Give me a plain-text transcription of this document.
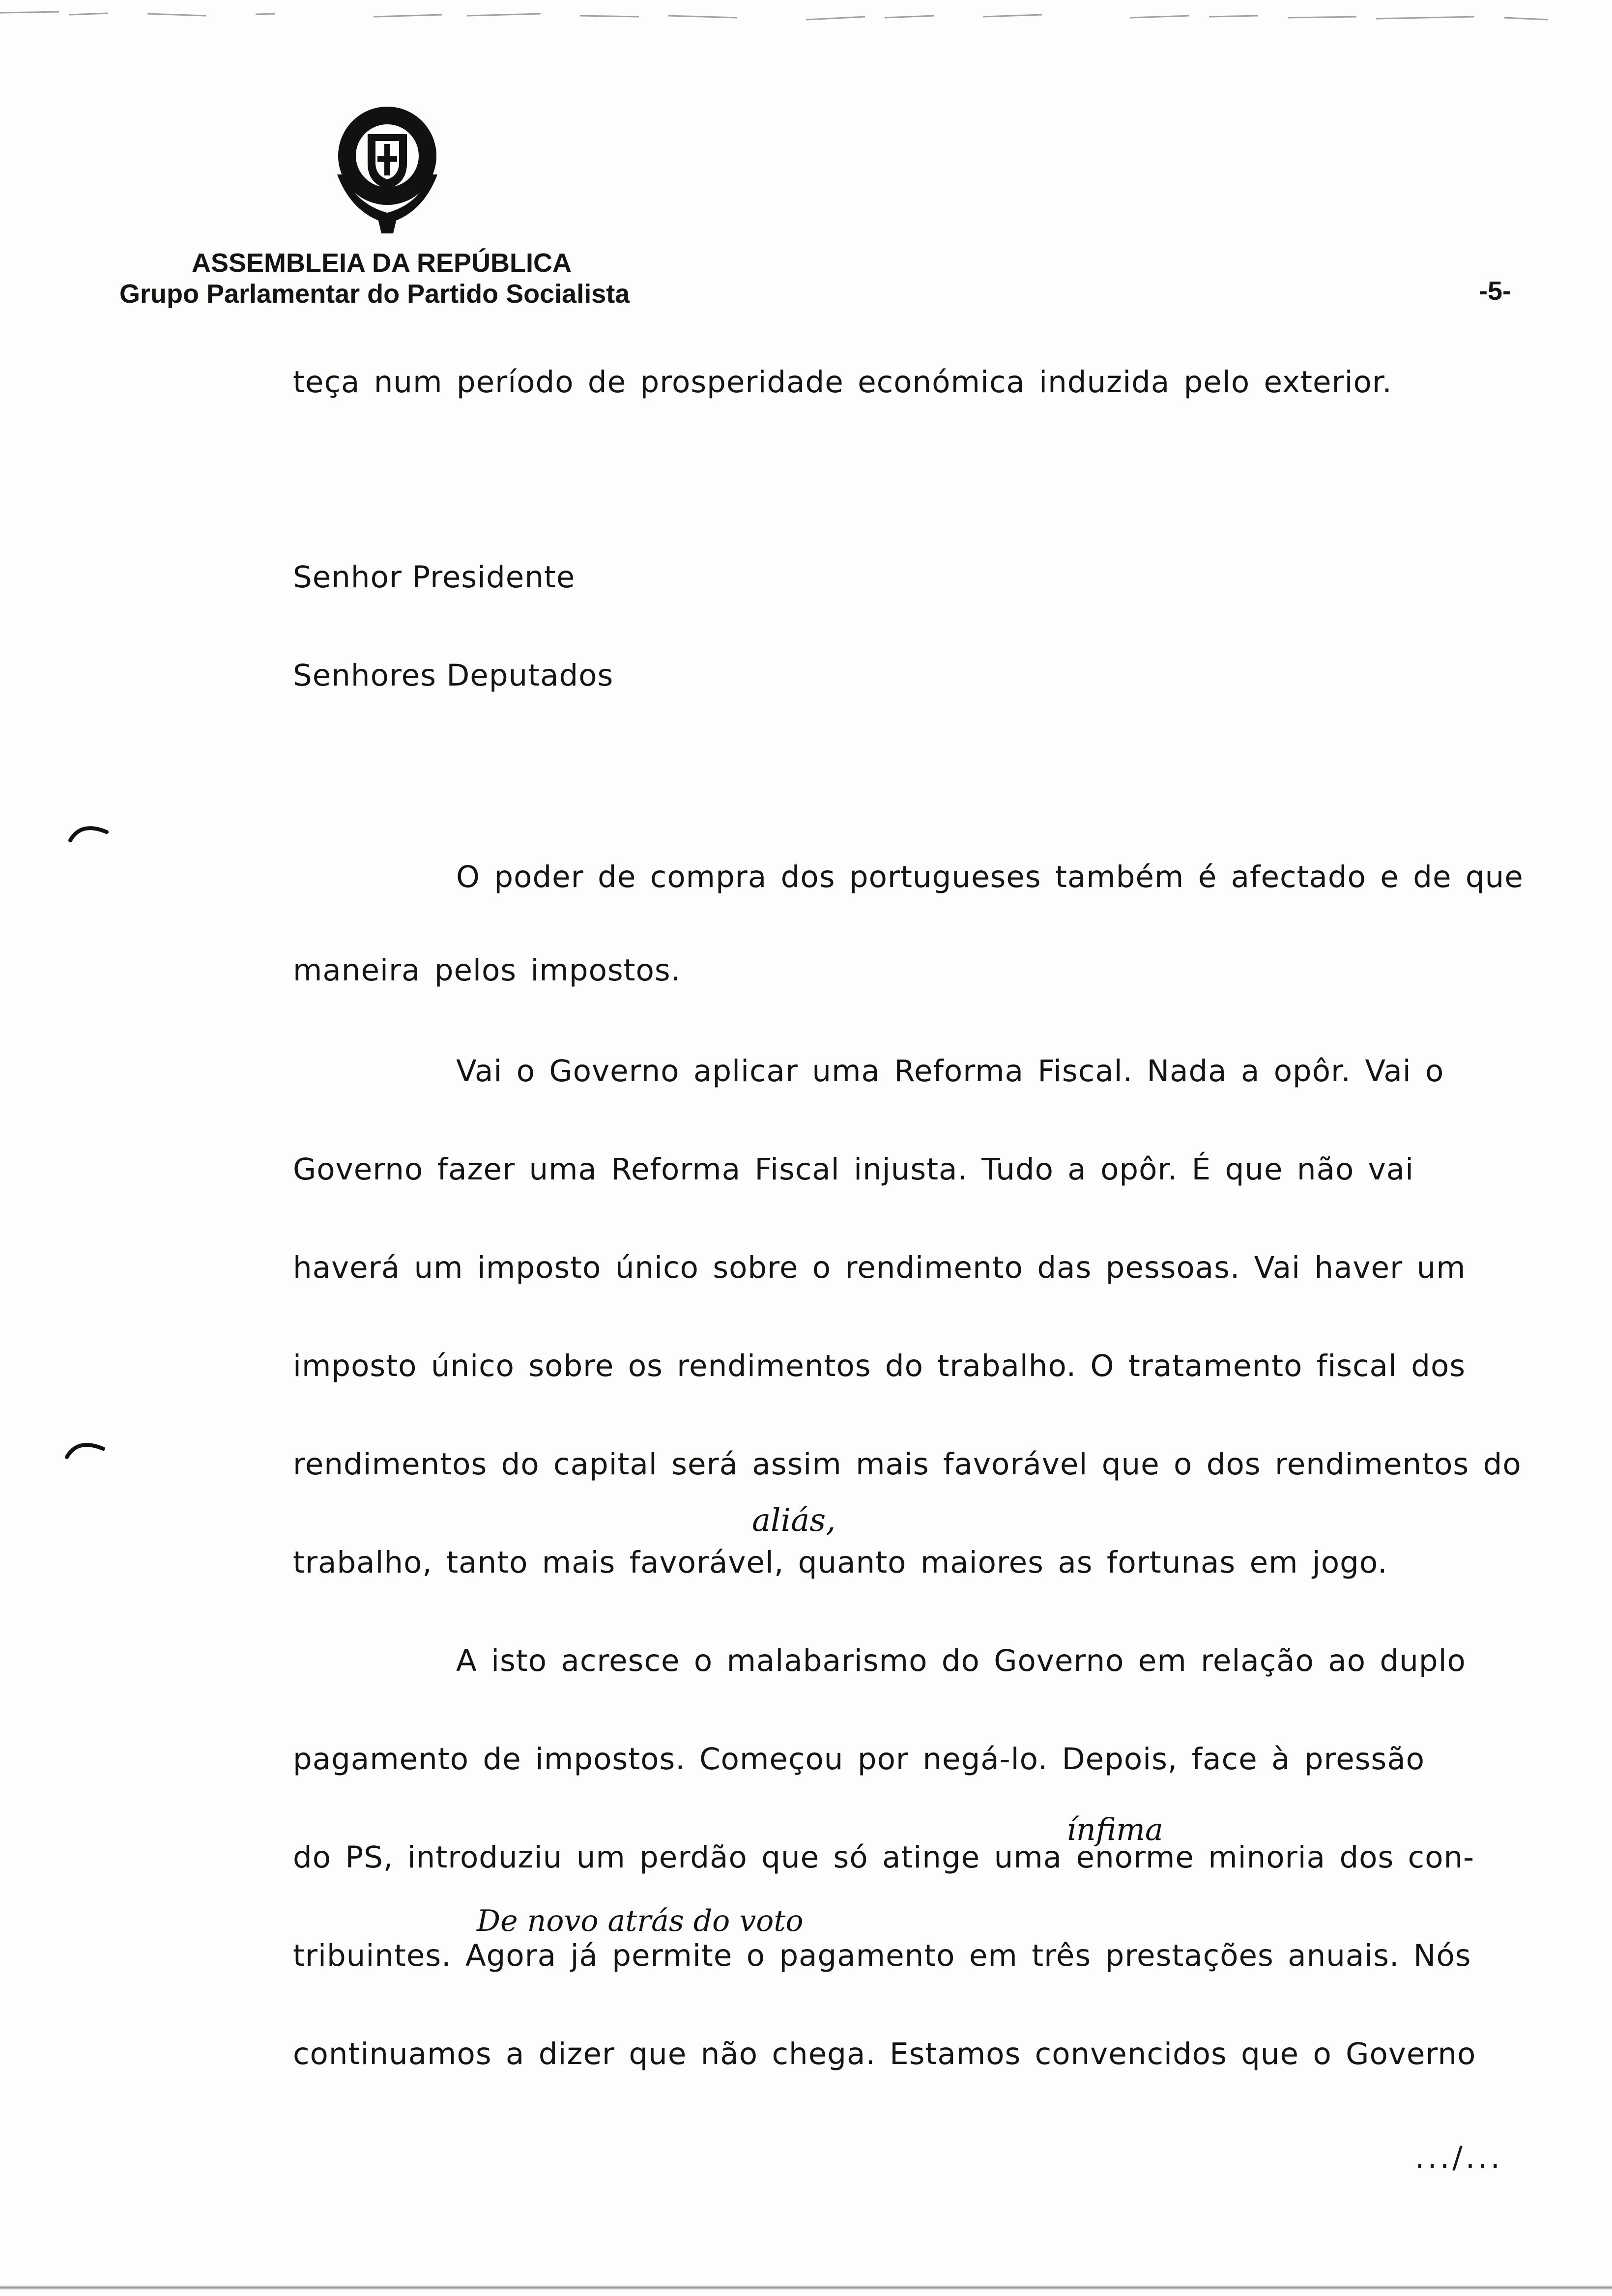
ASSEMBLEIA DA REPÚBLICA
Grupo Parlamentar do Partido Socialista	-5-
teça num período de prosperidade económica induzida pelo exterior.
Senhor Presidente
Senhores Deputados
O poder de compra dos portugueses também é afectado e de que
maneira pelos impostos.
Vai o Governo aplicar uma Reforma Fiscal. Nada a opôr. Vai o
Governo fazer uma Reforma Fiscal injusta. Tudo a opôr. É que não vai
haverá um imposto único sobre o rendimento das pessoas. Vai haver um
imposto único sobre os rendimentos do trabalho. O tratamento fiscal dos
rendimentos do capital será assim mais favorável que o dos rendimentos do
trabalho, tanto mais favorável, quanto maiores as fortunas em jogo.
A isto acresce o malabarismo do Governo em relação ao duplo
pagamento de impostos. Começou por negá-lo. Depois, face à pressão
do PS, introduziu um perdão que só atinge uma enorme minoria dos con-
tribuintes. Agora já permite o pagamento em três prestações anuais. Nós
continuamos a dizer que não chega. Estamos convencidos que o Governo
aliás,
ínfima
De novo atrás do voto
.../...
